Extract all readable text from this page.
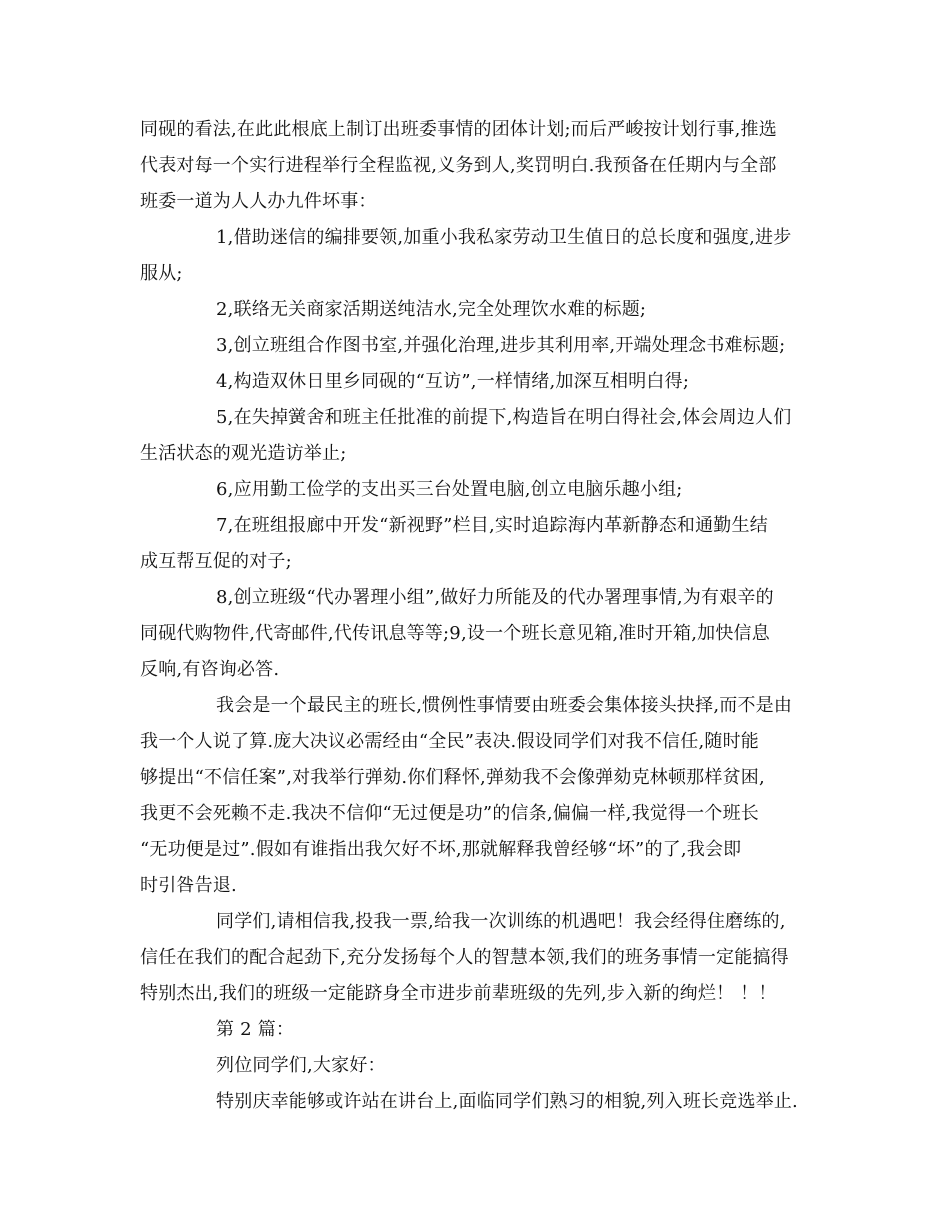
同砚的看法,在此此根底上制订出班委事情的团体计划;而后严峻按计划行事,推选
代表对每一个实行进程举行全程监视,义务到人,奖罚明白.我预备在任期内与全部
班委一道为人人办九件坏事：
1,借助迷信的编排要领,加重小我私家劳动卫生值日的总长度和强度,进步
服从;
2,联络无关商家活期送纯洁水,完全处理饮水难的标题;
3,创立班组合作图书室,并强化治理,进步其利用率,开端处理念书难标题;
4,构造双休日里乡同砚的“互访”,一样情绪,加深互相明白得;
5,在失掉黉舍和班主任批准的前提下,构造旨在明白得社会,体会周边人们
生活状态的观光造访举止;
6,应用勤工俭学的支出买三台处置电脑,创立电脑乐趣小组;
7,在班组报廊中开发“新视野”栏目,实时追踪海内革新静态和通勤生结
成互帮互促的对子;
8,创立班级“代办署理小组”,做好力所能及的代办署理事情,为有艰辛的
同砚代购物件,代寄邮件,代传讯息等等;9,设一个班长意见箱,准时开箱,加快信息
反响,有咨询必答.
我会是一个最民主的班长,惯例性事情要由班委会集体接头抉择,而不是由
我一个人说了算.庞大决议必需经由“全民”表决.假设同学们对我不信任,随时能
够提出“不信任案”,对我举行弹劾.你们释怀,弹劾我不会像弹劾克林顿那样贫困,
我更不会死赖不走.我决不信仰“无过便是功”的信条,偏偏一样,我觉得一个班长
“无功便是过”.假如有谁指出我欠好不坏,那就解释我曾经够“坏”的了,我会即
时引咎告退.
同学们,请相信我,投我一票,给我一次训练的机遇吧！我会经得住磨练的,
信任在我们的配合起劲下,充分发扬每个人的智慧本领,我们的班务事情一定能搞得
特别杰出,我们的班级一定能跻身全市进步前辈班级的先列,步入新的绚烂！ ！！
第 2 篇：
列位同学们,大家好：
特别庆幸能够或许站在讲台上,面临同学们熟习的相貌,列入班长竞选举止.
